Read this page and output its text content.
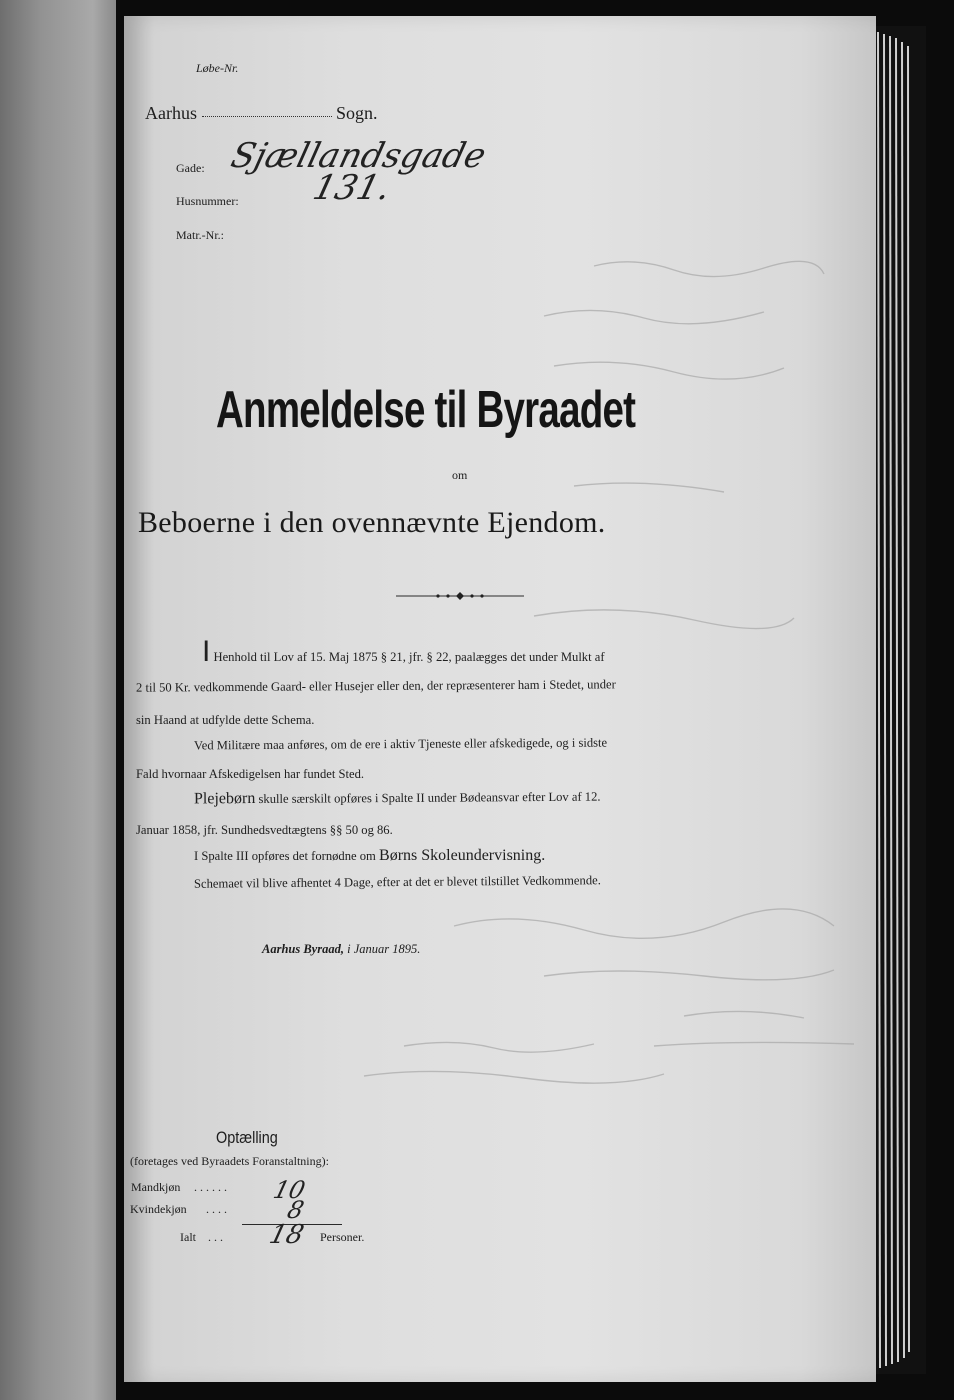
Løbe-Nr.
Aarhus	Sogn.
Gade: Sjællandsgade
Husnummer: 131.
Matr.-Nr.:
Anmeldelse til Byraadet
om
Beboerne i den ovennævnte Ejendom.
I Henhold til Lov af 15. Maj 1875 § 21, jfr. § 22, paalægges det under Mulkt af
2 til 50 Kr. vedkommende Gaard- eller Husejer eller den, der repræsenterer ham i Stedet, under
sin Haand at udfylde dette Schema.
Ved Militære maa anføres, om de ere i aktiv Tjeneste eller afskedigede, og i sidste
Fald hvornaar Afskedigelsen har fundet Sted.
Plejebørn skulle særskilt opføres i Spalte II under Bødeansvar efter Lov af 12.
Januar 1858, jfr. Sundhedsvedtægtens §§ 50 og 86.
I Spalte III opføres det fornødne om Børns Skoleundervisning.
Schemaet vil blive afhentet 4 Dage, efter at det er blevet tilstillet Vedkommende.
Aarhus Byraad, i Januar 1895.
Optælling
(foretages ved Byraadets Foranstaltning):
Mandkjøn . . . . . . 10
Kvindekjøn . . . . 8
Ialt . . . 18 Personer.
